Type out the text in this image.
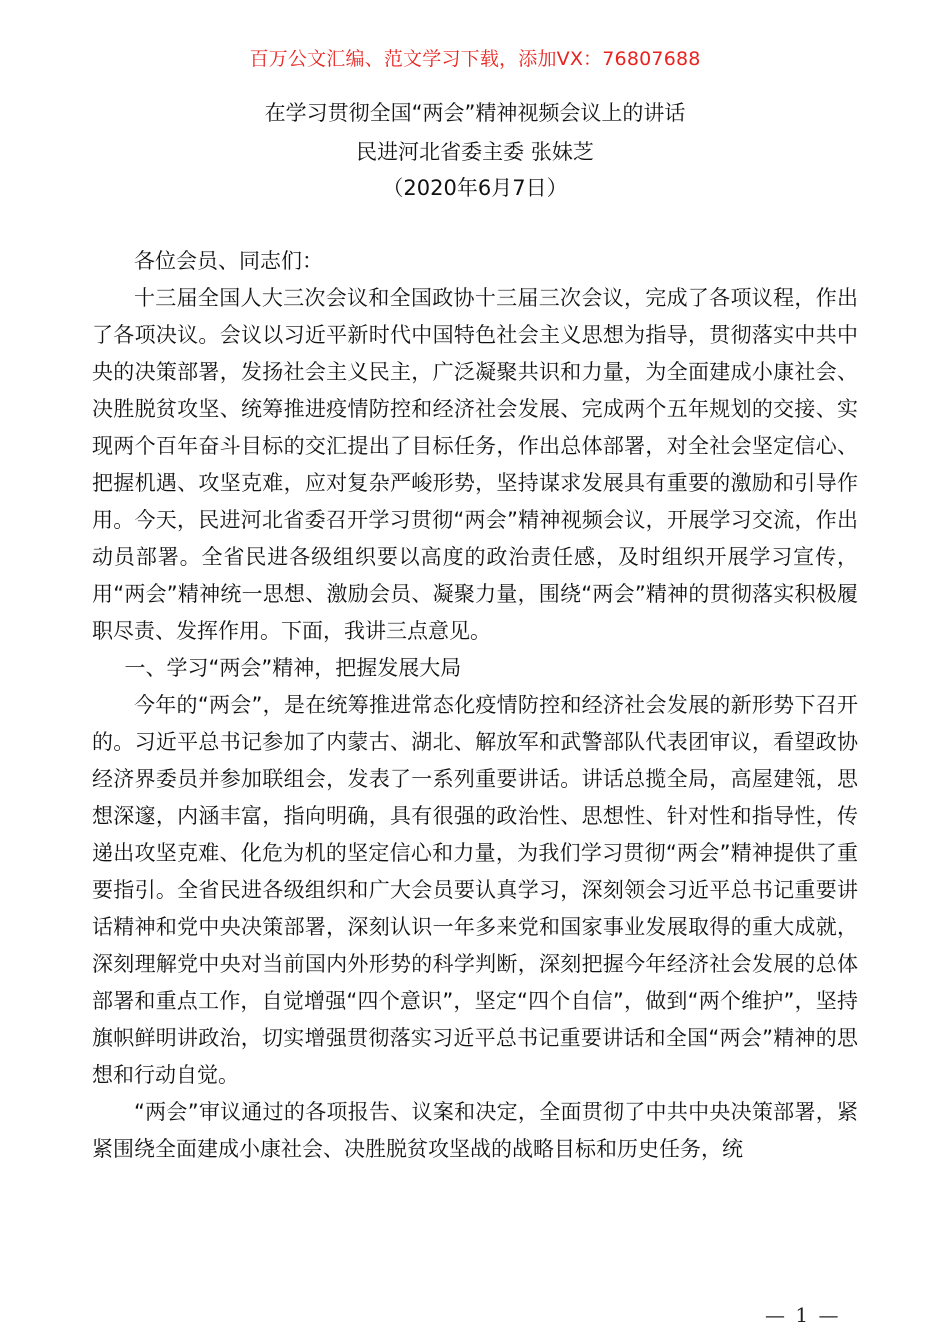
百万公文汇编、范文学习下载，添加VX：76807688
在学习贯彻全国“两会”精神视频会议上的讲话
民进河北省委主委 张妹芝
（2020年6月7日）

各位会员、同志们：

十三届全国人大三次会议和全国政协十三届三次会议，完成了各项议程，作出了各项决议。会议以习近平新时代中国特色社会主义思想为指导，贯彻落实中共中央的决策部署，发扬社会主义民主，广泛凝聚共识和力量，为全面建成小康社会、决胜脱贫攻坚、统筹推进疫情防控和经济社会发展、完成两个五年规划的交接、实现两个百年奋斗目标的交汇提出了目标任务，作出总体部署，对全社会坚定信心、把握机遇、攻坚克难，应对复杂严峻形势，坚持谋求发展具有重要的激励和引导作用。今天，民进河北省委召开学习贯彻“两会”精神视频会议，开展学习交流，作出动员部署。全省民进各级组织要以高度的政治责任感，及时组织开展学习宣传，用“两会”精神统一思想、激励会员、凝聚力量，围绕“两会”精神的贯彻落实积极履职尽责、发挥作用。下面，我讲三点意见。

一、学习“两会”精神，把握发展大局

今年的“两会”，是在统筹推进常态化疫情防控和经济社会发展的新形势下召开的。习近平总书记参加了内蒙古、湖北、解放军和武警部队代表团审议，看望政协经济界委员并参加联组会，发表了一系列重要讲话。讲话总揽全局，高屋建瓴，思想深邃，内涵丰富，指向明确，具有很强的政治性、思想性、针对性和指导性，传递出攻坚克难、化危为机的坚定信心和力量，为我们学习贯彻“两会”精神提供了重要指引。全省民进各级组织和广大会员要认真学习，深刻领会习近平总书记重要讲话精神和党中央决策部署，深刻认识一年多来党和国家事业发展取得的重大成就，深刻理解党中央对当前国内外形势的科学判断，深刻把握今年经济社会发展的总体部署和重点工作，自觉增强“四个意识”，坚定“四个自信”，做到“两个维护”，坚持旗帜鲜明讲政治，切实增强贯彻落实习近平总书记重要讲话和全国“两会”精神的思想和行动自觉。

“两会”审议通过的各项报告、议案和决定，全面贯彻了中共中央决策部署，紧紧围绕全面建成小康社会、决胜脱贫攻坚战的战略目标和历史任务，统

— 1 —
